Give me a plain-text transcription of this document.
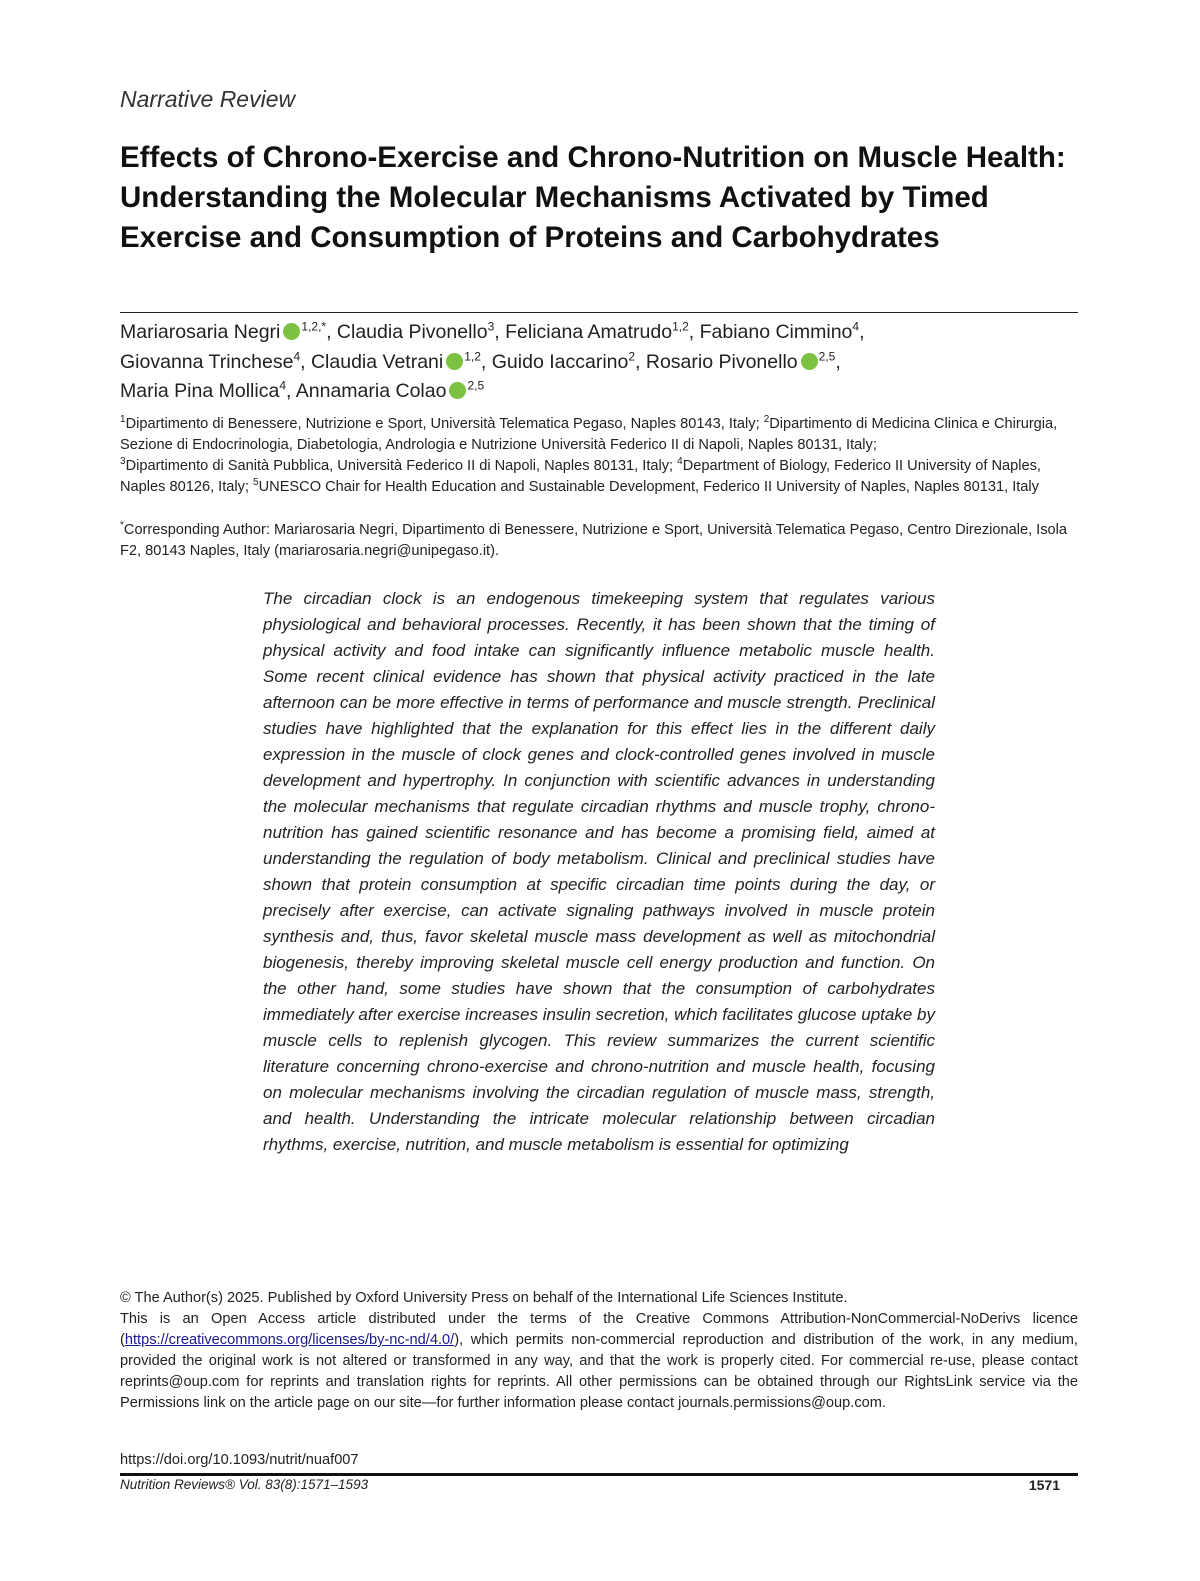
Narrative Review
Effects of Chrono-Exercise and Chrono-Nutrition on Muscle Health: Understanding the Molecular Mechanisms Activated by Timed Exercise and Consumption of Proteins and Carbohydrates
Mariarosaria Negri $^{1,2,*}$, Claudia Pivonello$^3$, Feliciana Amatrudo$^{1,2}$, Fabiano Cimmino$^4$,
Giovanna Trinchese$^4$, Claudia Vetrani $^{1,2}$, Guido Iaccarino$^2$, Rosario Pivonello $^{2,5}$,
Maria Pina Mollica$^4$, Annamaria Colao $^{2,5}$
$^1$Dipartimento di Benessere, Nutrizione e Sport, Università Telematica Pegaso, Naples 80143, Italy; $^2$Dipartimento di Medicina Clinica e Chirurgia, Sezione di Endocrinologia, Diabetologia, Andrologia e Nutrizione Università Federico II di Napoli, Naples 80131, Italy;
$^3$Dipartimento di Sanità Pubblica, Università Federico II di Napoli, Naples 80131, Italy; $^4$Department of Biology, Federico II University of Naples, Naples 80126, Italy; $^5$UNESCO Chair for Health Education and Sustainable Development, Federico II University of Naples, Naples 80131, Italy
*Corresponding Author: Mariarosaria Negri, Dipartimento di Benessere, Nutrizione e Sport, Università Telematica Pegaso, Centro Direzionale, Isola F2, 80143 Naples, Italy (mariarosaria.negri@unipegaso.it).
The circadian clock is an endogenous timekeeping system that regulates various physiological and behavioral processes. Recently, it has been shown that the timing of physical activity and food intake can significantly influence metabolic muscle health. Some recent clinical evidence has shown that physical activity practiced in the late afternoon can be more effective in terms of performance and muscle strength. Preclinical studies have highlighted that the explanation for this effect lies in the different daily expression in the muscle of clock genes and clock-controlled genes involved in muscle development and hypertrophy. In conjunction with scientific advances in understanding the molecular mechanisms that regulate circadian rhythms and muscle trophy, chrono-nutrition has gained scientific resonance and has become a promising field, aimed at understanding the regulation of body metabolism. Clinical and preclinical studies have shown that protein consumption at specific circadian time points during the day, or precisely after exercise, can activate signaling pathways involved in muscle protein synthesis and, thus, favor skeletal muscle mass development as well as mitochondrial biogenesis, thereby improving skeletal muscle cell energy production and function. On the other hand, some studies have shown that the consumption of carbohydrates immediately after exercise increases insulin secretion, which facilitates glucose uptake by muscle cells to replenish glycogen. This review summarizes the current scientific literature concerning chrono-exercise and chrono-nutrition and muscle health, focusing on molecular mechanisms involving the circadian regulation of muscle mass, strength, and health. Understanding the intricate molecular relationship between circadian rhythms, exercise, nutrition, and muscle metabolism is essential for optimizing
© The Author(s) 2025. Published by Oxford University Press on behalf of the International Life Sciences Institute.
This is an Open Access article distributed under the terms of the Creative Commons Attribution-NonCommercial-NoDerivs licence (https://creativecommons.org/licenses/by-nc-nd/4.0/), which permits non-commercial reproduction and distribution of the work, in any medium, provided the original work is not altered or transformed in any way, and that the work is properly cited. For commercial re-use, please contact reprints@oup.com for reprints and translation rights for reprints. All other permissions can be obtained through our RightsLink service via the Permissions link on the article page on our site—for further information please contact journals.permissions@oup.com.
https://doi.org/10.1093/nutrit/nuaf007
Nutrition Reviews® Vol. 83(8):1571–1593	1571
